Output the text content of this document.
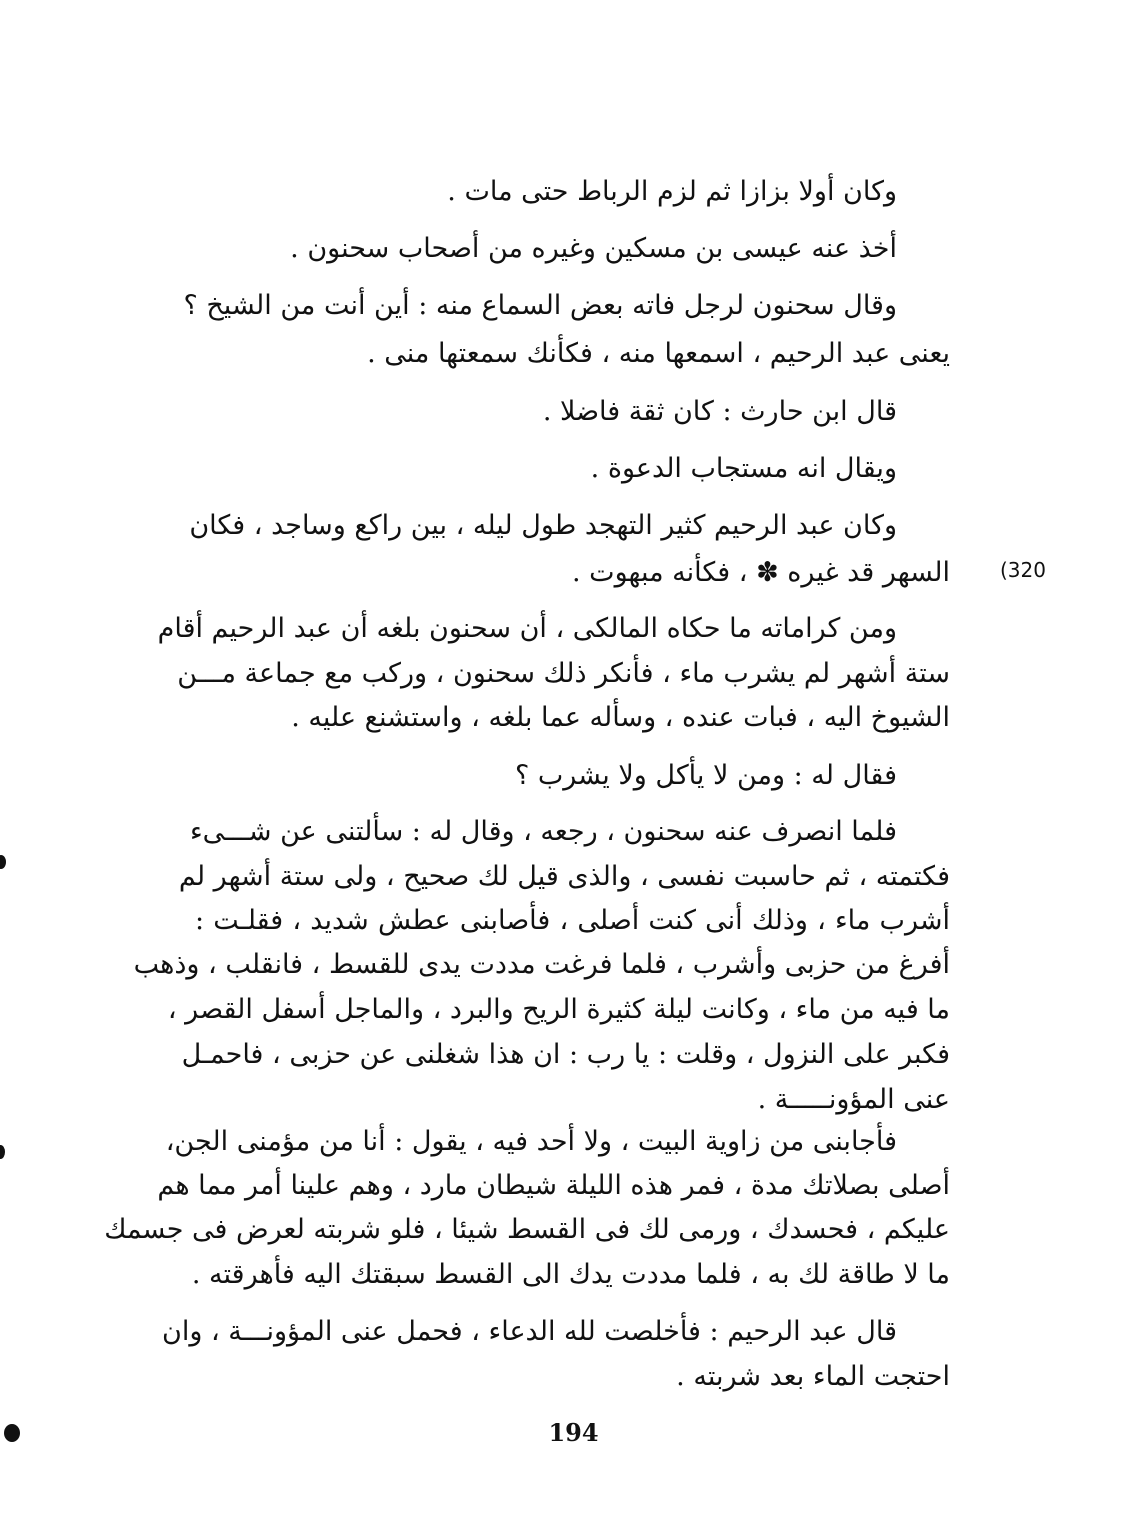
وكان أولا بزازا ثم لزم الرباط حتى مات .
أخذ عنه عيسى بن مسكين وغيره من أصحاب سحنون .
وقال سحنون لرجل فاته بعض السماع منه : أين أنت من الشيخ ؟
يعنى عبد الرحيم ، اسمعها منه ، فكأنك سمعتها منى .
قال ابن حارث : كان ثقة فاضلا .
ويقال انه مستجاب الدعوة .
وكان عبد الرحيم كثير التهجد طول ليله ، بين راكع وساجد ، فكان
السهر قد غيره ✽ ، فكأنه مبهوت .	(320
ومن كراماته ما حكاه المالكى ، أن سحنون بلغه أن عبد الرحيم أقام
ستة أشهر لم يشرب ماء ، فأنكر ذلك سحنون ، وركب مع جماعة مـــن
الشيوخ اليه ، فبات عنده ، وسأله عما بلغه ، واستشنع عليه .
فقال له : ومن لا يأكل ولا يشرب ؟
فلما انصرف عنه سحنون ، رجعه ، وقال له : سألتنى عن شـــىء
فكتمته ، ثم حاسبت نفسى ، والذى قيل لك صحيح ، ولى ستة أشهر لم
أشرب ماء ، وذلك أنى كنت أصلى ، فأصابنى عطش شديد ، فقلـت :
أفرغ من حزبى وأشرب ، فلما فرغت مددت يدى للقسط ، فانقلب ، وذهب
ما فيه من ماء ، وكانت ليلة كثيرة الريح والبرد ، والماجل أسفل القصر ،
فكبر على النزول ، وقلت : يا رب : ان هذا شغلنى عن حزبى ، فاحمـل
عنى المؤونـــــة .
فأجابنى من زاوية البيت ، ولا أحد فيه ، يقول : أنا من مؤمنى الجن،
أصلى بصلاتك مدة ، فمر هذه الليلة شيطان مارد ، وهم علينا أمر مما هم
عليكم ، فحسدك ، ورمى لك فى القسط شيئا ، فلو شربته لعرض فى جسمك
ما لا طاقة لك به ، فلما مددت يدك الى القسط سبقتك اليه فأهرقته .
قال عبد الرحيم : فأخلصت لله الدعاء ، فحمل عنى المؤونـــة ، وان
احتجت الماء بعد شربته .
194
